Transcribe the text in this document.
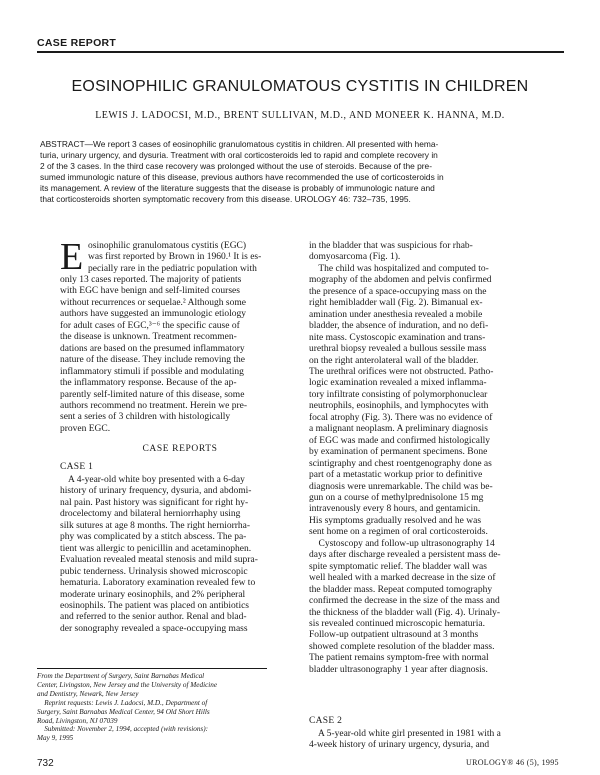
CASE REPORT
EOSINOPHILIC GRANULOMATOUS CYSTITIS IN CHILDREN
LEWIS J. LADOCSI, M.D., BRENT SULLIVAN, M.D., AND MONEER K. HANNA, M.D.
ABSTRACT—We report 3 cases of eosinophilic granulomatous cystitis in children. All presented with hema-
turia, urinary urgency, and dysuria. Treatment with oral corticosteroids led to rapid and complete recovery in
2 of the 3 cases. In the third case recovery was prolonged without the use of steroids. Because of the pre-
sumed immunologic nature of this disease, previous authors have recommended the use of corticosteroids in
its management. A review of the literature suggests that the disease is probably of immunologic nature and
that corticosteroids shorten symptomatic recovery from this disease. UROLOGY 46: 732–735, 1995.
E osinophilic granulomatous cystitis (EGC)
was first reported by Brown in 1960.¹ It is es-
pecially rare in the pediatric population with
only 13 cases reported. The majority of patients
with EGC have benign and self-limited courses
without recurrences or sequelae.² Although some
authors have suggested an immunologic etiology
for adult cases of EGC,³⁻⁶ the specific cause of
the disease is unknown. Treatment recommen-
dations are based on the presumed inflammatory
nature of the disease. They include removing the
inflammatory stimuli if possible and modulating
the inflammatory response. Because of the ap-
parently self-limited nature of this disease, some
authors recommend no treatment. Herein we pre-
sent a series of 3 children with histologically
proven EGC.
CASE REPORTS
CASE 1
A 4-year-old white boy presented with a 6-day
history of urinary frequency, dysuria, and abdomi-
nal pain. Past history was significant for right hy-
drocelectomy and bilateral herniorrhaphy using
silk sutures at age 8 months. The right herniorrha-
phy was complicated by a stitch abscess. The pa-
tient was allergic to penicillin and acetaminophen.
Evaluation revealed meatal stenosis and mild supra-
pubic tenderness. Urinalysis showed microscopic
hematuria. Laboratory examination revealed few to
moderate urinary eosinophils, and 2% peripheral
eosinophils. The patient was placed on antibiotics
and referred to the senior author. Renal and blad-
der sonography revealed a space-occupying mass
in the bladder that was suspicious for rhab-
domyosarcoma (Fig. 1).
The child was hospitalized and computed to-
mography of the abdomen and pelvis confirmed
the presence of a space-occupying mass on the
right hemibladder wall (Fig. 2). Bimanual ex-
amination under anesthesia revealed a mobile
bladder, the absence of induration, and no defi-
nite mass. Cystoscopic examination and trans-
urethral biopsy revealed a bullous sessile mass
on the right anterolateral wall of the bladder.
The urethral orifices were not obstructed. Patho-
logic examination revealed a mixed inflamma-
tory infiltrate consisting of polymorphonuclear
neutrophils, eosinophils, and lymphocytes with
focal atrophy (Fig. 3). There was no evidence of
a malignant neoplasm. A preliminary diagnosis
of EGC was made and confirmed histologically
by examination of permanent specimens. Bone
scintigraphy and chest roentgenography done as
part of a metastatic workup prior to definitive
diagnosis were unremarkable. The child was be-
gun on a course of methylprednisolone 15 mg
intravenously every 8 hours, and gentamicin.
His symptoms gradually resolved and he was
sent home on a regimen of oral corticosteroids.
Cystoscopy and follow-up ultrasonography 14
days after discharge revealed a persistent mass de-
spite symptomatic relief. The bladder wall was
well healed with a marked decrease in the size of
the bladder mass. Repeat computed tomography
confirmed the decrease in the size of the mass and
the thickness of the bladder wall (Fig. 4). Urinaly-
sis revealed continued microscopic hematuria.
Follow-up outpatient ultrasound at 3 months
showed complete resolution of the bladder mass.
The patient remains symptom-free with normal
bladder ultrasonography 1 year after diagnosis.
CASE 2
A 5-year-old white girl presented in 1981 with a
4-week history of urinary urgency, dysuria, and
From the Department of Surgery, Saint Barnabas Medical
Center, Livingston, New Jersey and the University of Medicine
and Dentistry, Newark, New Jersey
Reprint requests: Lewis J. Ladocsi, M.D., Department of
Surgery, Saint Barnabas Medical Center, 94 Old Short Hills
Road, Livingston, NJ 07039
Submitted: November 2, 1994, accepted (with revisions):
May 9, 1995
732	UROLOGY® 46 (5), 1995
